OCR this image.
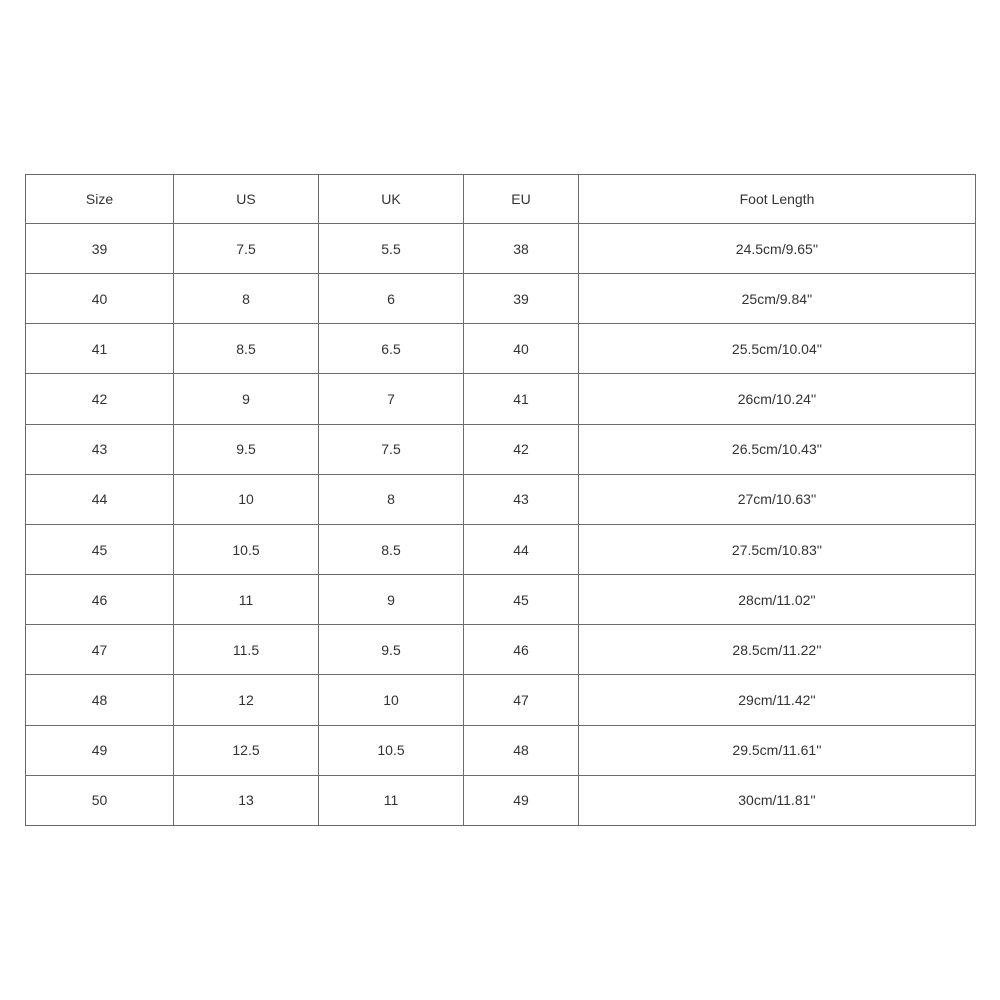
Size	US	UK	EU	Foot Length
39	7.5	5.5	38	24.5cm/9.65''
40	8	6	39	25cm/9.84''
41	8.5	6.5	40	25.5cm/10.04''
42	9	7	41	26cm/10.24''
43	9.5	7.5	42	26.5cm/10.43''
44	10	8	43	27cm/10.63''
45	10.5	8.5	44	27.5cm/10.83''
46	11	9	45	28cm/11.02''
47	11.5	9.5	46	28.5cm/11.22''
48	12	10	47	29cm/11.42''
49	12.5	10.5	48	29.5cm/11.61''
50	13	11	49	30cm/11.81''
